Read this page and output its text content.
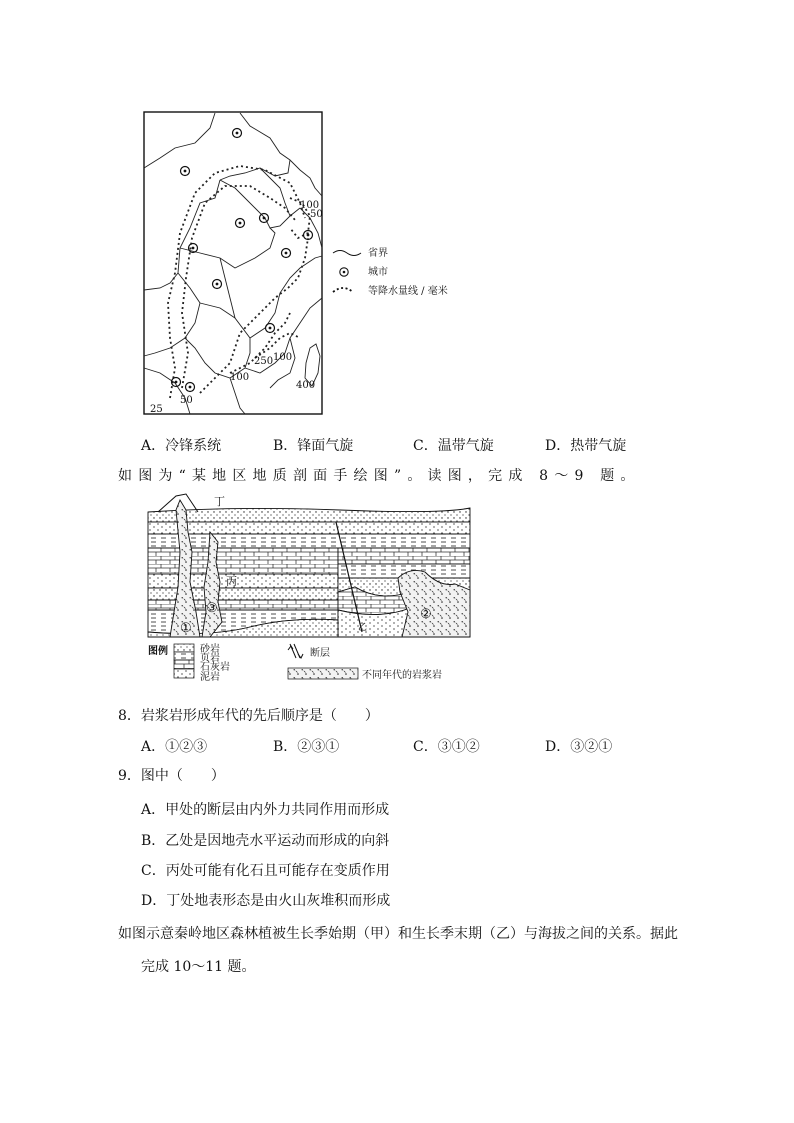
100
50
250 100
400
100
50
25
省界
城市
等降水量线 / 毫米
A．冷锋系统	B．锋面气旋	C．温带气旋	D．热带气旋
如图为“某地区地质剖面手绘图”。读图，完成 8～9 题。
丁
丙
乙
①
②
③
图例	砂岩
页岩
石灰岩
泥岩
断层
不同年代的岩浆岩
8．岩浆岩形成年代的先后顺序是（　　）
A．①②③	B．②③①	C．③①②	D．③②①
9．图中（　　）
A．甲处的断层由内外力共同作用而形成
B．乙处是因地壳水平运动而形成的向斜
C．丙处可能有化石且可能存在变质作用
D．丁处地表形态是由火山灰堆积而形成
如图示意秦岭地区森林植被生长季始期（甲）和生长季末期（乙）与海拔之间的关系。据此
完成 10～11 题。
